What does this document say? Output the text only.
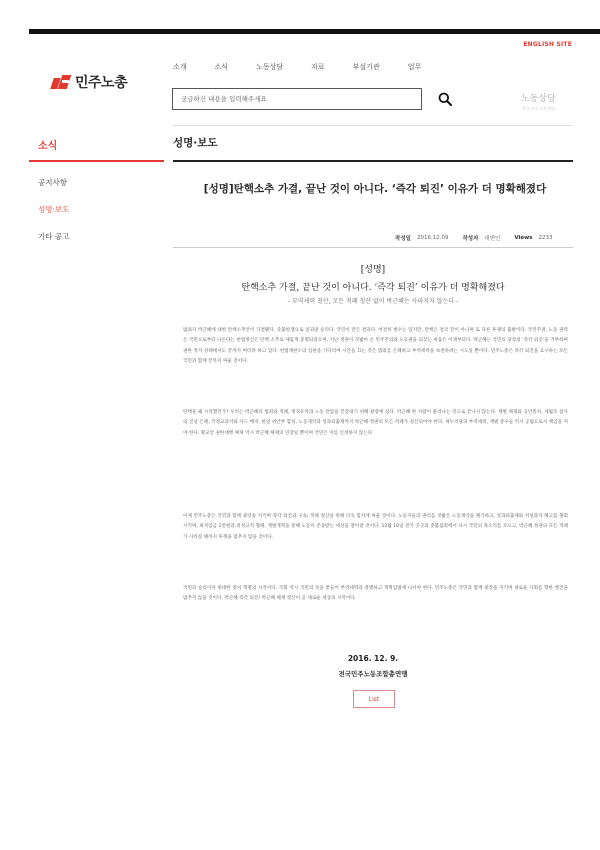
ENGLISH SITE
민주노총
소개	소식	노동상담	자료	부설기관	업무
궁금하신 내용을 입력해주세요
노동상담
전국 중앙 노동상담
소식
공지사항
성명·보도
기타 공고
성명·보도
[성명]탄핵소추 가결, 끝난 것이 아니다. ‘즉각 퇴진’ 이유가 더 명확해졌다
작성일 2016.12.09	작성자 대변인	Views 2233
[성명]
탄핵소추 가결, 끝난 것이 아니다. ‘즉각 퇴진’ 이유가 더 명확해졌다
- 부역세력 청산, 모든 적폐 청산 없이 박근혜는 사라지지 않는다 -

범죄자 박근혜에 대한 탄핵소추안이 가결됐다. 촛불항쟁으로 일궈낸 승리다. 국민이 만든 결과다. 여전히 변수는 있지만, 탄핵은 결코 끝이 아니며 또 다른 투쟁의 출발이다. 국민주권, 노동 권력은 국민으로부터 나온다는 헌법정신은 탄핵 소추로 새롭게 증명되었으며, 지난 정권이 짓밟아 온 민주주의와 노동권을 되찾는 싸움은 이제부터다. 박근혜는 국민의 당장의 ‘즉각 퇴진’을 거부하며 권한 정지 상태에서도 끝까지 버티려 하고 있다. 헌법재판소의 심판을 기다리며 시간을 끄는 것은 범죄를 은폐하고 부역세력을 보전하려는 시도일 뿐이다. 민주노총은 즉각 퇴진을 요구하는 모든 국민과 함께 끝까지 싸울 것이다.

탄핵을 왜 시작했던가? 우리는 박근혜의 범죄와 적폐, 정경유착과 노동 탄압을 끝장내기 위해 광장에 섰다. 박근혜 한 사람이 물러나는 것으로 끝나지 않는다. 재벌 체제와 공안통치, 세월호 참사의 진실 은폐, 국정교과서와 사드 배치, 한일 위안부 합의, 노동개악과 성과퇴출제까지 박근혜 정권의 모든 적폐가 청산되어야 한다. 새누리당과 부역세력, 재벌 총수들 역시 공범으로서 책임을 져야 한다. 황교안 권한대행 체제 역시 박근혜 체제의 연장일 뿐이며 국민은 이를 인정하지 않는다.

이제 민주노총은 국민과 함께 광장을 지키며 즉각 퇴진과 구속, 적폐 청산을 위해 더욱 힘차게 싸울 것이다. 노동자들의 권리를 짓밟은 노동개악을 폐기하고, 성과퇴출제와 저성과자 해고를 철회시키며, 최저임금 1만원과 비정규직 철폐, 재벌개혁을 통해 노동이 존중받는 세상을 열어갈 것이다. 12월 10일 전국 곳곳의 촛불집회에서 다시 국민의 목소리를 모으고, 박근혜 정권의 모든 적폐가 사라질 때까지 투쟁을 멈추지 않을 것이다.

국민의 승리이자 위대한 정치 혁명의 시작이다. 국회 역시 국민의 뜻을 받들어 부역세력과 결별하고 개혁입법에 나서야 한다. 민주노총은 국민과 함께 광장을 지키며 새로운 사회를 향한 행진을 멈추지 않을 것이다. 박근혜 즉각 퇴진! 박근혜 체제 청산이 곧 새로운 세상의 시작이다.

2016. 12. 9.
전국민주노동조합총연맹
List
